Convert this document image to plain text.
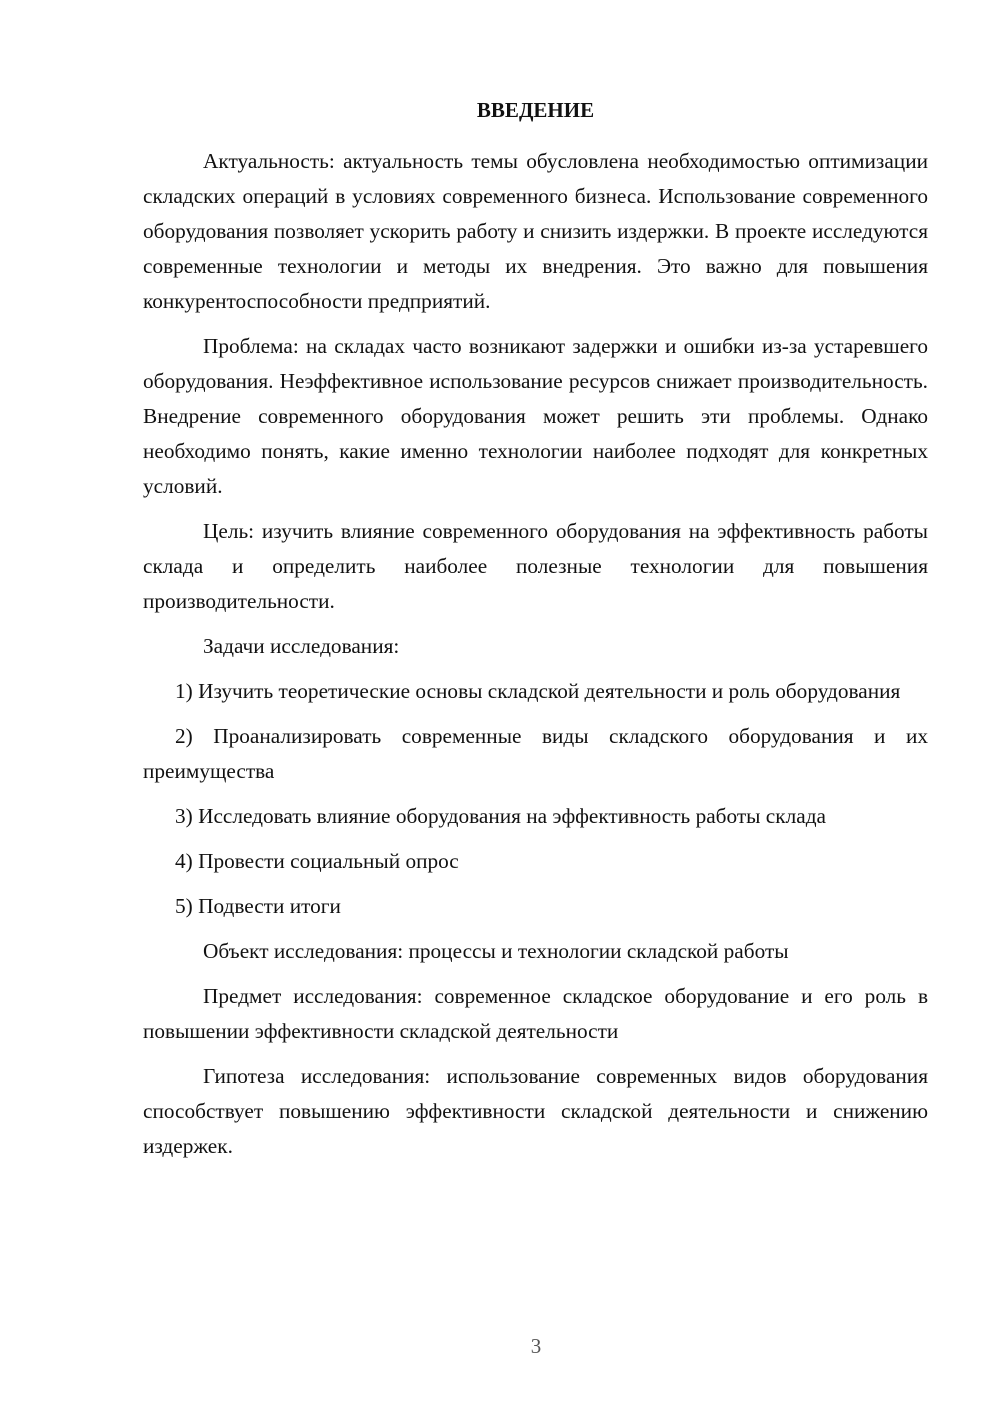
ВВЕДЕНИЕ

Актуальность: актуальность темы обусловлена необходимостью оптимизации складских операций в условиях современного бизнеса. Использование современного оборудования позволяет ускорить работу и снизить издержки. В проекте исследуются современные технологии и методы их внедрения. Это важно для повышения конкурентоспособности предприятий.

Проблема: на складах часто возникают задержки и ошибки из-за устаревшего оборудования. Неэффективное использование ресурсов снижает производительность. Внедрение современного оборудования может решить эти проблемы. Однако необходимо понять, какие именно технологии наиболее подходят для конкретных условий.

Цель: изучить влияние современного оборудования на эффективность работы склада и определить наиболее полезные технологии для повышения производительности.

Задачи исследования:

1) Изучить теоретические основы складской деятельности и роль оборудования

2) Проанализировать современные виды складского оборудования и их преимущества

3) Исследовать влияние оборудования на эффективность работы склада

4) Провести социальный опрос

5) Подвести итоги

Объект исследования: процессы и технологии складской работы

Предмет исследования: современное складское оборудование и его роль в повышении эффективности складской деятельности

Гипотеза исследования: использование современных видов оборудования способствует повышению эффективности складской деятельности и снижению издержек.

3
